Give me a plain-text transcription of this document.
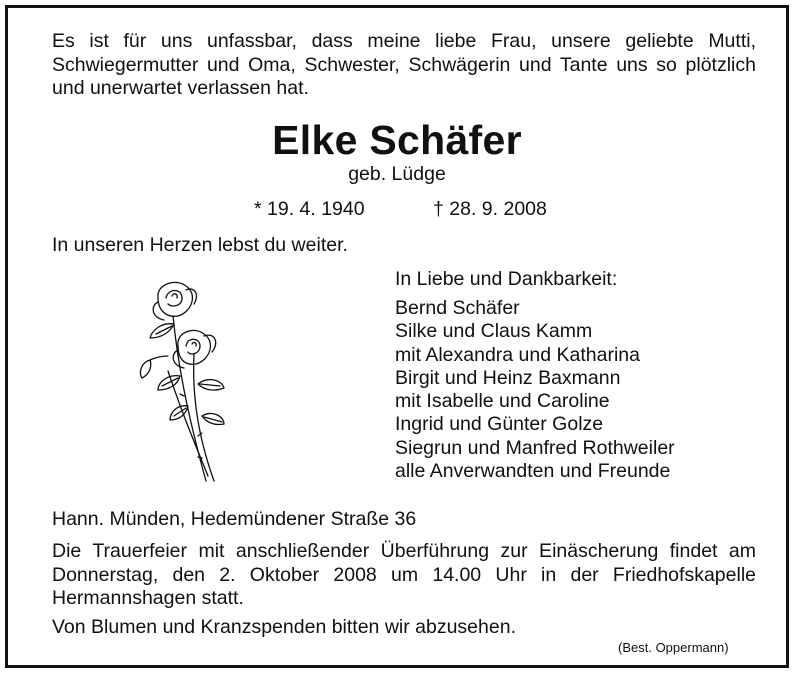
Es ist für uns unfassbar, dass meine liebe Frau, unsere geliebte Mutti, Schwiegermutter und Oma, Schwester, Schwägerin und Tante uns so plötzlich und unerwartet verlassen hat.

Elke Schäfer
geb. Lüdge
* 19. 4. 1940	† 28. 9. 2008
In unseren Herzen lebst du weiter.
In Liebe und Dankbarkeit:
Bernd Schäfer
Silke und Claus Kamm
mit Alexandra und Katharina
Birgit und Heinz Baxmann
mit Isabelle und Caroline
Ingrid und Günter Golze
Siegrun und Manfred Rothweiler
alle Anverwandten und Freunde
Hann. Münden, Hedemündener Straße 36

Die Trauerfeier mit anschließender Überführung zur Einäscherung findet am Donnerstag, den 2. Oktober 2008 um 14.00 Uhr in der Friedhofskapelle Hermannshagen statt.

Von Blumen und Kranzspenden bitten wir abzusehen.
(Best. Oppermann)
